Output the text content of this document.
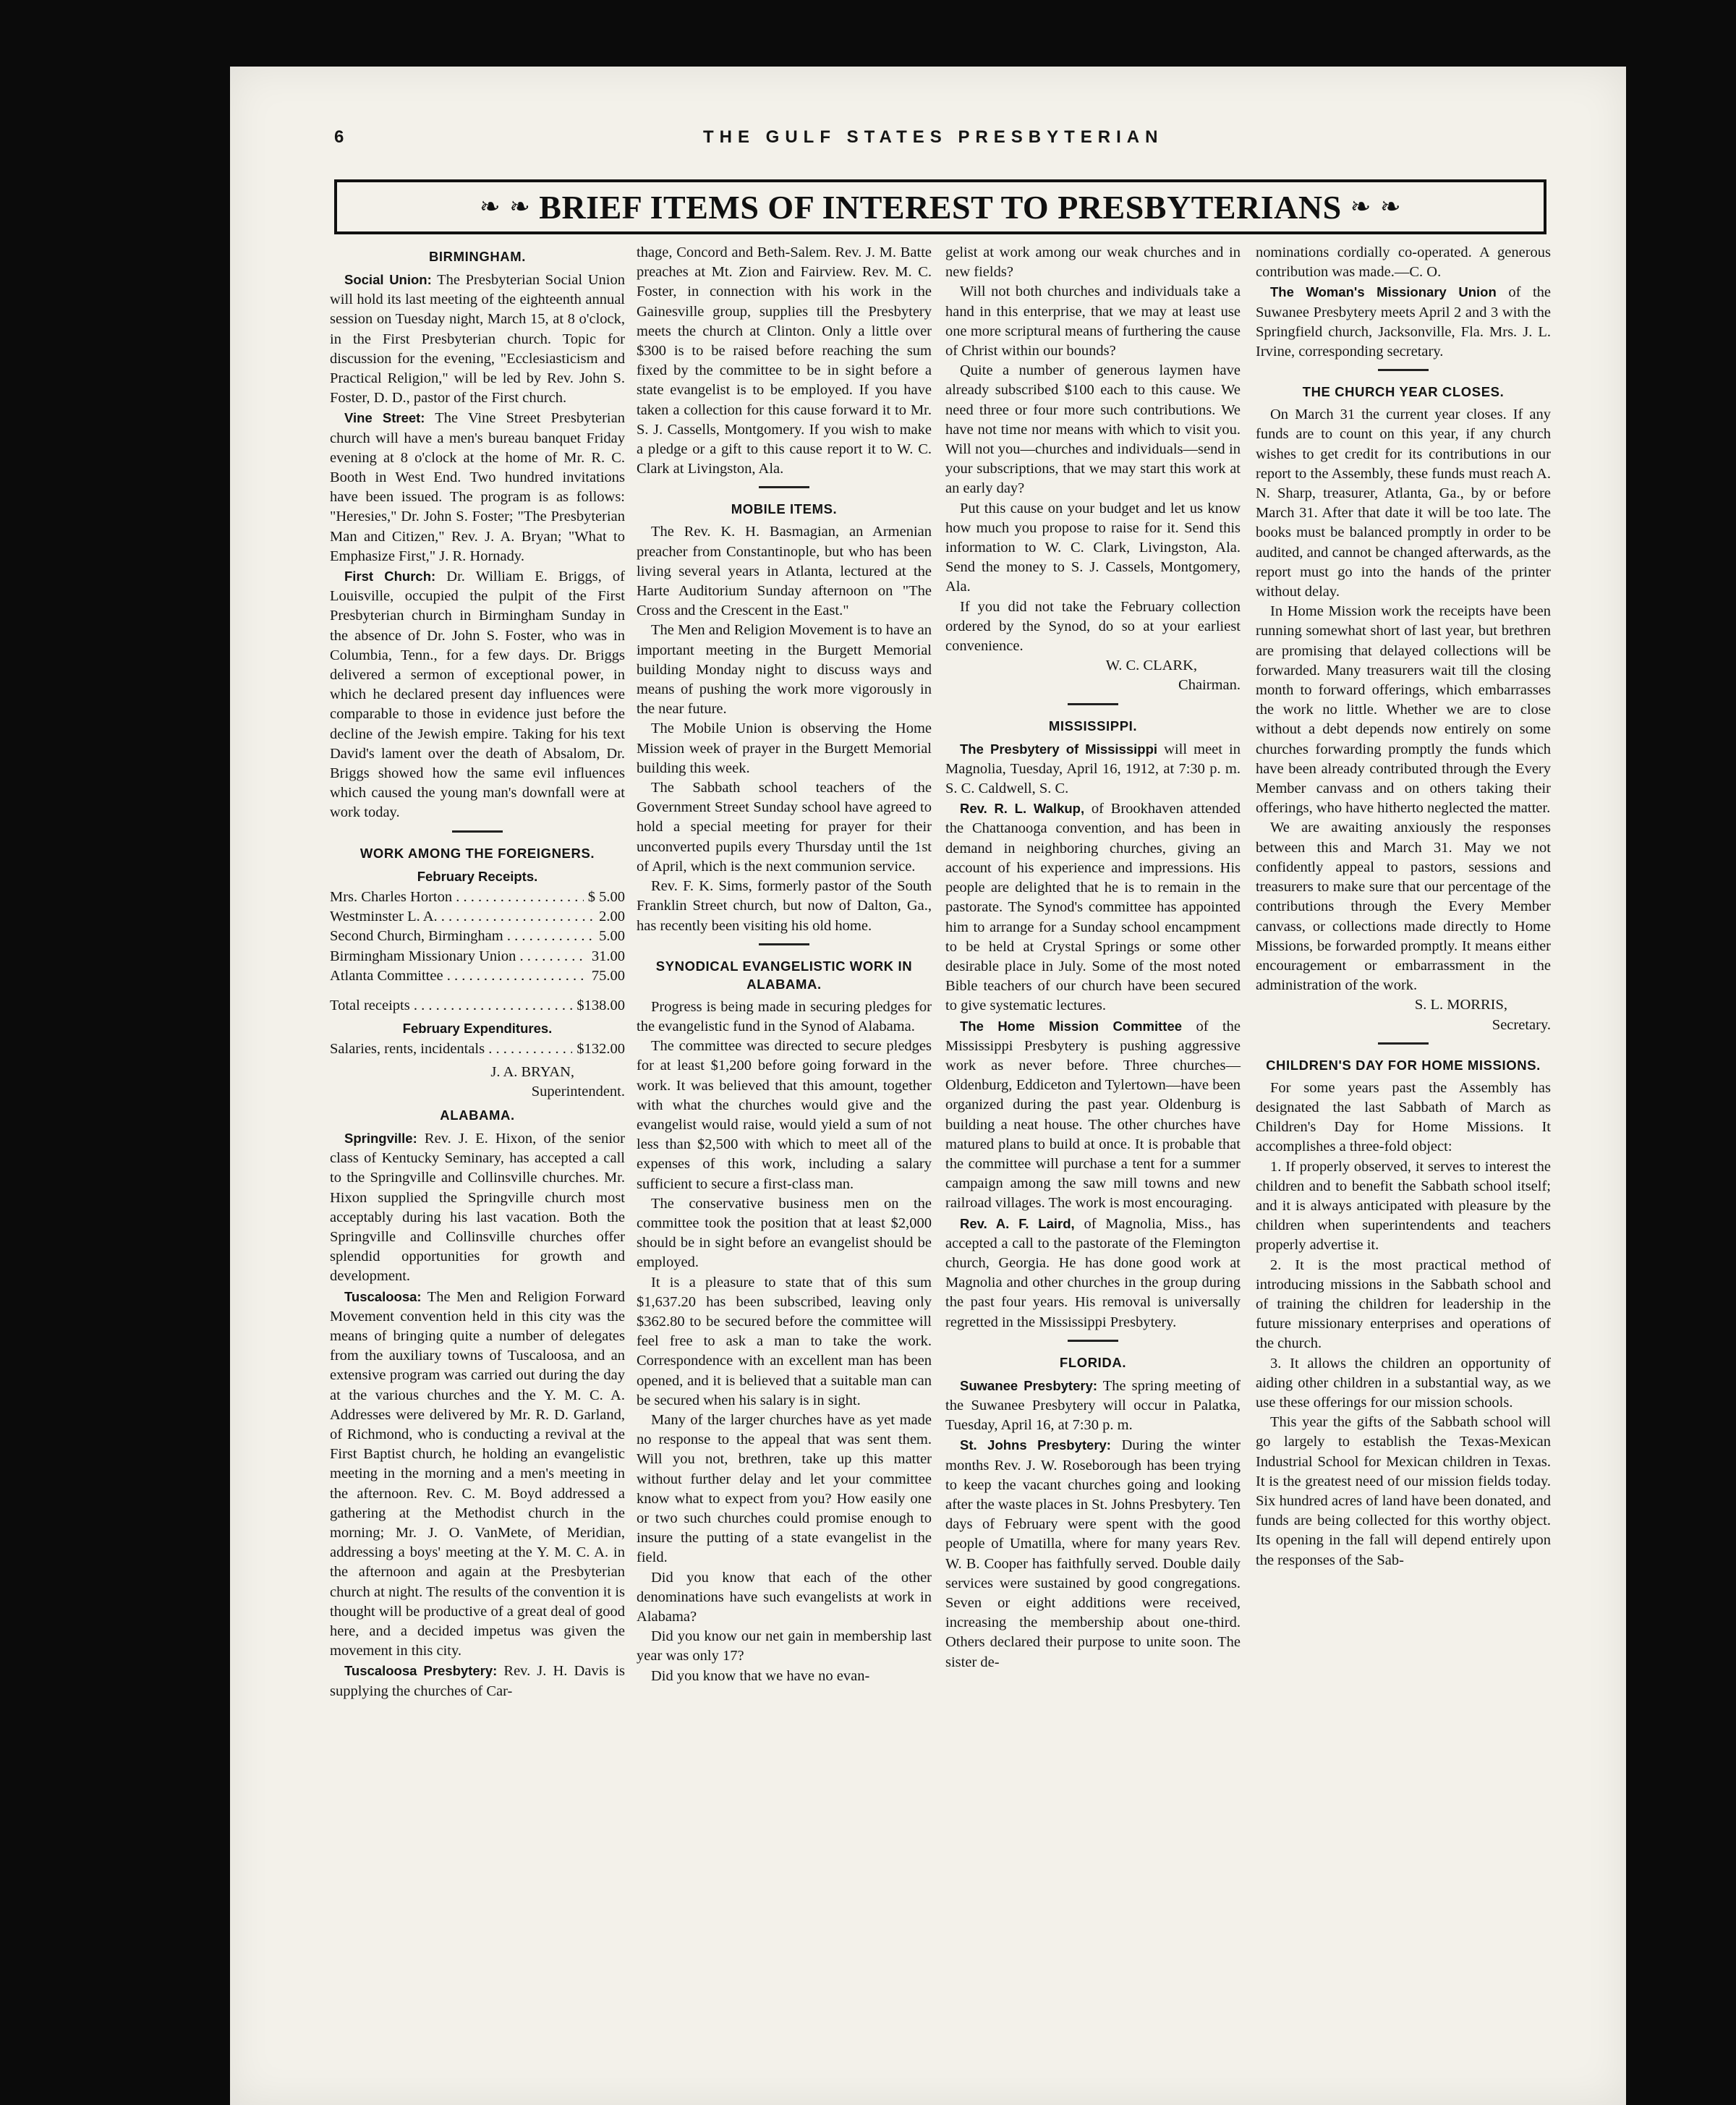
6	THE GULF STATES PRESBYTERIAN
❧ ❧ BRIEF ITEMS OF INTEREST TO PRESBYTERIANS ❧ ❧
BIRMINGHAM.

Social Union: The Presbyterian Social Union will hold its last meeting of the eighteenth annual session on Tuesday night, March 15, at 8 o'clock, in the First Presbyterian church. Topic for discussion for the evening, "Ecclesiasticism and Practical Religion," will be led by Rev. John S. Foster, D. D., pastor of the First church.

Vine Street: The Vine Street Presbyterian church will have a men's bureau banquet Friday evening at 8 o'clock at the home of Mr. R. C. Booth in West End. Two hundred invitations have been issued. The program is as follows: "Heresies," Dr. John S. Foster; "The Presbyterian Man and Citizen," Rev. J. A. Bryan; "What to Emphasize First," J. R. Hornady.

First Church: Dr. William E. Briggs, of Louisville, occupied the pulpit of the First Presbyterian church in Birmingham Sunday in the absence of Dr. John S. Foster, who was in Columbia, Tenn., for a few days. Dr. Briggs delivered a sermon of exceptional power, in which he declared present day influences were comparable to those in evidence just before the decline of the Jewish empire. Taking for his text David's lament over the death of Absalom, Dr. Briggs showed how the same evil influences which caused the young man's downfall were at work today.

WORK AMONG THE FOREIGNERS.
February Receipts.
Mrs. Charles Horton . . .	$ 5.00
Westminster L. A. . . .	2.00
Second Church, Birmingham . . .	5.00
Birmingham Missionary Union . . .	31.00
Atlanta Committee . . .	75.00
Total receipts . . .	$138.00
February Expenditures.
Salaries, rents, incidentals . . .	$132.00

J. A. BRYAN,

Superintendent.

ALABAMA.

Springville: Rev. J. E. Hixon, of the senior class of Kentucky Seminary, has accepted a call to the Springville and Collinsville churches. Mr. Hixon supplied the Springville church most acceptably during his last vacation. Both the Springville and Collinsville churches offer splendid opportunities for growth and development.

Tuscaloosa: The Men and Religion Forward Movement convention held in this city was the means of bringing quite a number of delegates from the auxiliary towns of Tuscaloosa, and an extensive program was carried out during the day at the various churches and the Y. M. C. A. Addresses were delivered by Mr. R. D. Garland, of Richmond, who is conducting a revival at the First Baptist church, he holding an evangelistic meeting in the morning and a men's meeting in the afternoon. Rev. C. M. Boyd addressed a gathering at the Methodist church in the morning; Mr. J. O. VanMete, of Meridian, addressing a boys' meeting at the Y. M. C. A. in the afternoon and again at the Presbyterian church at night. The results of the convention it is thought will be productive of a great deal of good here, and a decided impetus was given the movement in this city.

Tuscaloosa Presbytery: Rev. J. H. Davis is supplying the churches of Car-

thage, Concord and Beth-Salem. Rev. J. M. Batte preaches at Mt. Zion and Fairview. Rev. M. C. Foster, in connection with his work in the Gainesville group, supplies till the Presbytery meets the church at Clinton. Only a little over $300 is to be raised before reaching the sum fixed by the committee to be in sight before a state evangelist is to be employed. If you have taken a collection for this cause forward it to Mr. S. J. Cassells, Montgomery. If you wish to make a pledge or a gift to this cause report it to W. C. Clark at Livingston, Ala.

MOBILE ITEMS.

The Rev. K. H. Basmagian, an Armenian preacher from Constantinople, but who has been living several years in Atlanta, lectured at the Harte Auditorium Sunday afternoon on "The Cross and the Crescent in the East."

The Men and Religion Movement is to have an important meeting in the Burgett Memorial building Monday night to discuss ways and means of pushing the work more vigorously in the near future.

The Mobile Union is observing the Home Mission week of prayer in the Burgett Memorial building this week.

The Sabbath school teachers of the Government Street Sunday school have agreed to hold a special meeting for prayer for their unconverted pupils every Thursday until the 1st of April, which is the next communion service.

Rev. F. K. Sims, formerly pastor of the South Franklin Street church, but now of Dalton, Ga., has recently been visiting his old home.

SYNODICAL EVANGELISTIC WORK IN ALABAMA.

Progress is being made in securing pledges for the evangelistic fund in the Synod of Alabama.

The committee was directed to secure pledges for at least $1,200 before going forward in the work. It was believed that this amount, together with what the churches would give and the evangelist would raise, would yield a sum of not less than $2,500 with which to meet all of the expenses of this work, including a salary sufficient to secure a first-class man.

The conservative business men on the committee took the position that at least $2,000 should be in sight before an evangelist should be employed.

It is a pleasure to state that of this sum $1,637.20 has been subscribed, leaving only $362.80 to be secured before the committee will feel free to ask a man to take the work. Correspondence with an excellent man has been opened, and it is believed that a suitable man can be secured when his salary is in sight.

Many of the larger churches have as yet made no response to the appeal that was sent them. Will you not, brethren, take up this matter without further delay and let your committee know what to expect from you? How easily one or two such churches could promise enough to insure the putting of a state evangelist in the field.

Did you know that each of the other denominations have such evangelists at work in Alabama?

Did you know our net gain in membership last year was only 17?

Did you know that we have no evan-

gelist at work among our weak churches and in new fields?

Will not both churches and individuals take a hand in this enterprise, that we may at least use one more scriptural means of furthering the cause of Christ within our bounds?

Quite a number of generous laymen have already subscribed $100 each to this cause. We need three or four more such contributions. We have not time nor means with which to visit you. Will not you—churches and individuals—send in your subscriptions, that we may start this work at an early day?

Put this cause on your budget and let us know how much you propose to raise for it. Send this information to W. C. Clark, Livingston, Ala. Send the money to S. J. Cassels, Montgomery, Ala.

If you did not take the February collection ordered by the Synod, do so at your earliest convenience.

W. C. CLARK,

Chairman.

MISSISSIPPI.

The Presbytery of Mississippi will meet in Magnolia, Tuesday, April 16, 1912, at 7:30 p. m. S. C. Caldwell, S. C.

Rev. R. L. Walkup, of Brookhaven attended the Chattanooga convention, and has been in demand in neighboring churches, giving an account of his experience and impressions. His people are delighted that he is to remain in the pastorate. The Synod's committee has appointed him to arrange for a Sunday school encampment to be held at Crystal Springs or some other desirable place in July. Some of the most noted Bible teachers of our church have been secured to give systematic lectures.

The Home Mission Committee of the Mississippi Presbytery is pushing aggressive work as never before. Three churches—Oldenburg, Eddiceton and Tylertown—have been organized during the past year. Oldenburg is building a neat house. The other churches have matured plans to build at once. It is probable that the committee will purchase a tent for a summer campaign among the saw mill towns and new railroad villages. The work is most encouraging.

Rev. A. F. Laird, of Magnolia, Miss., has accepted a call to the pastorate of the Flemington church, Georgia. He has done good work at Magnolia and other churches in the group during the past four years. His removal is universally regretted in the Mississippi Presbytery.

FLORIDA.

Suwanee Presbytery: The spring meeting of the Suwanee Presbytery will occur in Palatka, Tuesday, April 16, at 7:30 p. m.

St. Johns Presbytery: During the winter months Rev. J. W. Roseborough has been trying to keep the vacant churches going and looking after the waste places in St. Johns Presbytery. Ten days of February were spent with the good people of Umatilla, where for many years Rev. W. B. Cooper has faithfully served. Double daily services were sustained by good congregations. Seven or eight additions were received, increasing the membership about one-third. Others declared their purpose to unite soon. The sister de-

nominations cordially co-operated. A generous contribution was made.—C. O.

The Woman's Missionary Union of the Suwanee Presbytery meets April 2 and 3 with the Springfield church, Jacksonville, Fla. Mrs. J. L. Irvine, corresponding secretary.

THE CHURCH YEAR CLOSES.

On March 31 the current year closes. If any funds are to count on this year, if any church wishes to get credit for its contributions in our report to the Assembly, these funds must reach A. N. Sharp, treasurer, Atlanta, Ga., by or before March 31. After that date it will be too late. The books must be balanced promptly in order to be audited, and cannot be changed afterwards, as the report must go into the hands of the printer without delay.

In Home Mission work the receipts have been running somewhat short of last year, but brethren are promising that delayed collections will be forwarded. Many treasurers wait till the closing month to forward offerings, which embarrasses the work no little. Whether we are to close without a debt depends now entirely on some churches forwarding promptly the funds which have been already contributed through the Every Member canvass and on others taking their offerings, who have hitherto neglected the matter.

We are awaiting anxiously the responses between this and March 31. May we not confidently appeal to pastors, sessions and treasurers to make sure that our percentage of the contributions through the Every Member canvass, or collections made directly to Home Missions, be forwarded promptly. It means either encouragement or embarrassment in the administration of the work.

S. L. MORRIS,

Secretary.

CHILDREN'S DAY FOR HOME MISSIONS.

For some years past the Assembly has designated the last Sabbath of March as Children's Day for Home Missions. It accomplishes a three-fold object:

1. If properly observed, it serves to interest the children and to benefit the Sabbath school itself; and it is always anticipated with pleasure by the children when superintendents and teachers properly advertise it.

2. It is the most practical method of introducing missions in the Sabbath school and of training the children for leadership in the future missionary enterprises and operations of the church.

3. It allows the children an opportunity of aiding other children in a substantial way, as we use these offerings for our mission schools.

This year the gifts of the Sabbath school will go largely to establish the Texas-Mexican Industrial School for Mexican children in Texas. It is the greatest need of our mission fields today. Six hundred acres of land have been donated, and funds are being collected for this worthy object. Its opening in the fall will depend entirely upon the responses of the Sab-
